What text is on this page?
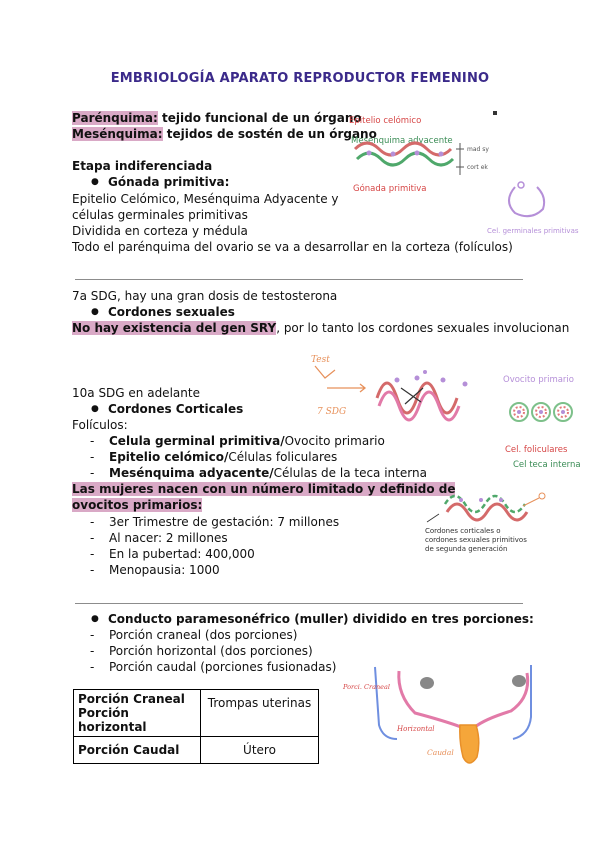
EMBRIOLOGÍA APARATO REPRODUCTOR FEMENINO
Parénquima: tejido funcional de un órgano
Mesénquima: tejidos de sostén de un órgano
Etapa indiferenciada
● Gónada primitiva:
Epitelio Celómico, Mesénquima Adyacente y
células germinales primitivas
Dividida en corteza y médula
Todo el parénquima del ovario se va a desarrollar en la corteza (folículos)
Epitelio celómico
Mesenquima adyacente
Gónada primitiva
mad sy
cort ek
Cel. germinales primitivas
7a SDG, hay una gran dosis de testosterona
● Cordones sexuales
No hay existencia del gen SRY, por lo tanto los cordones sexuales involucionan
Test
7 SDG
Ovocito primario
Cel. foliculares
Cel teca interna
10a SDG en adelante
● Cordones Corticales
Folículos:
- Celula germinal primitiva/Ovocito primario
- Epitelio celómico/Células foliculares
- Mesénquima adyacente/Células de la teca interna
Las mujeres nacen con un número limitado y definido de
ovocitos primarios:
- 3er Trimestre de gestación: 7 millones
- Al nacer: 2 millones
- En la pubertad: 400,000
- Menopausia: 1000
Cordones corticales o
cordones sexuales primitivos
de segunda generación
● Conducto paramesonéfrico (muller) dividido en tres porciones:
- Porción craneal (dos porciones)
- Porción horizontal (dos porciones)
- Porción caudal (porciones fusionadas)
Porción Craneal
Porción horizontal	Trompas uterinas
Porción Caudal	Útero
Porci. Craneal
Horizontal
Caudal
